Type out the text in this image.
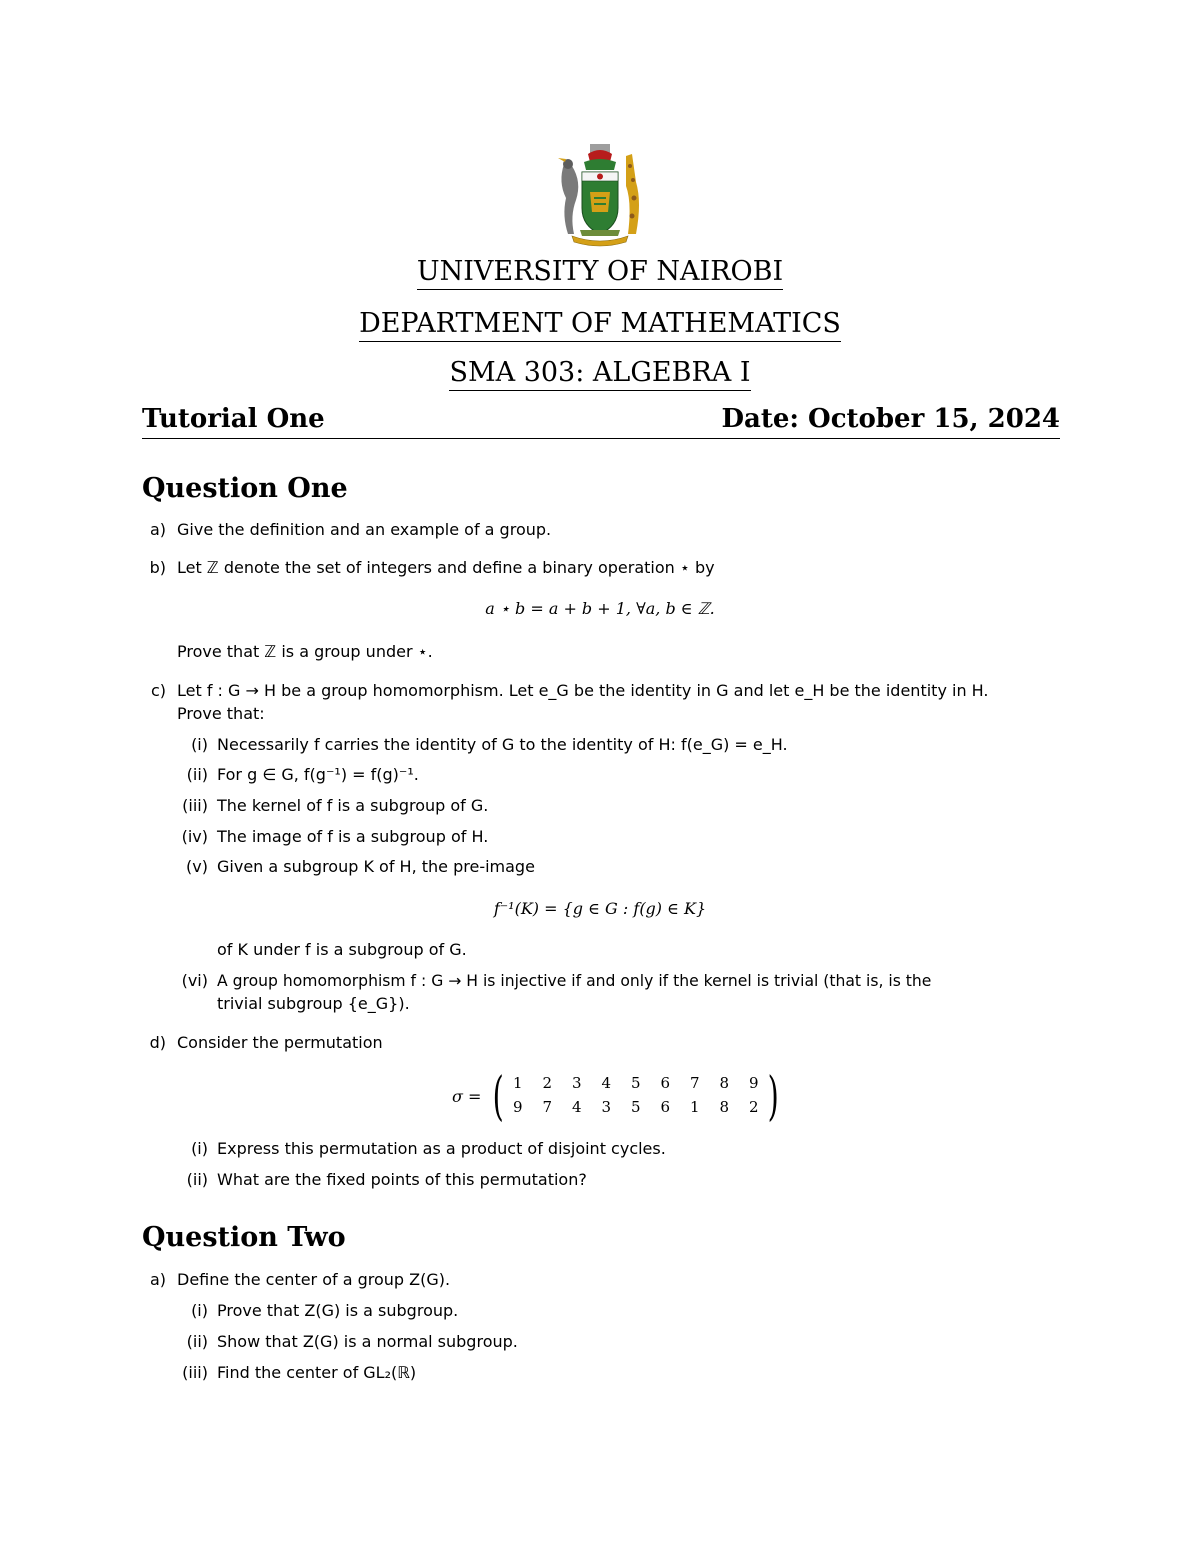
UNIVERSITY OF NAIROBI
DEPARTMENT OF MATHEMATICS
SMA 303: ALGEBRA I
Tutorial One	Date: October 15, 2024
Question One
a) Give the definition and an example of a group.
b) Let ℤ denote the set of integers and define a binary operation ⋆ by
a ⋆ b = a + b + 1, ∀a, b ∈ ℤ.
Prove that ℤ is a group under ⋆.
c) Let f : G → H be a group homomorphism. Let e_G be the identity in G and let e_H be the identity in H.
Prove that:
(i) Necessarily f carries the identity of G to the identity of H: f(e_G) = e_H.
(ii) For g ∈ G, f(g⁻¹) = f(g)⁻¹.
(iii) The kernel of f is a subgroup of G.
(iv) The image of f is a subgroup of H.
(v) Given a subgroup K of H, the pre-image
f⁻¹(K) = {g ∈ G : f(g) ∈ K}
of K under f is a subgroup of G.
(vi) A group homomorphism f : G → H is injective if and only if the kernel is trivial (that is, is the
trivial subgroup {e_G}).
d) Consider the permutation
σ = ( 1 2 3 4 5 6 7 8 9
9 7 4 3 5 6 1 8 2 )
(i) Express this permutation as a product of disjoint cycles.
(ii) What are the fixed points of this permutation?
Question Two
a) Define the center of a group Z(G).
(i) Prove that Z(G) is a subgroup.
(ii) Show that Z(G) is a normal subgroup.
(iii) Find the center of GL₂(ℝ)
